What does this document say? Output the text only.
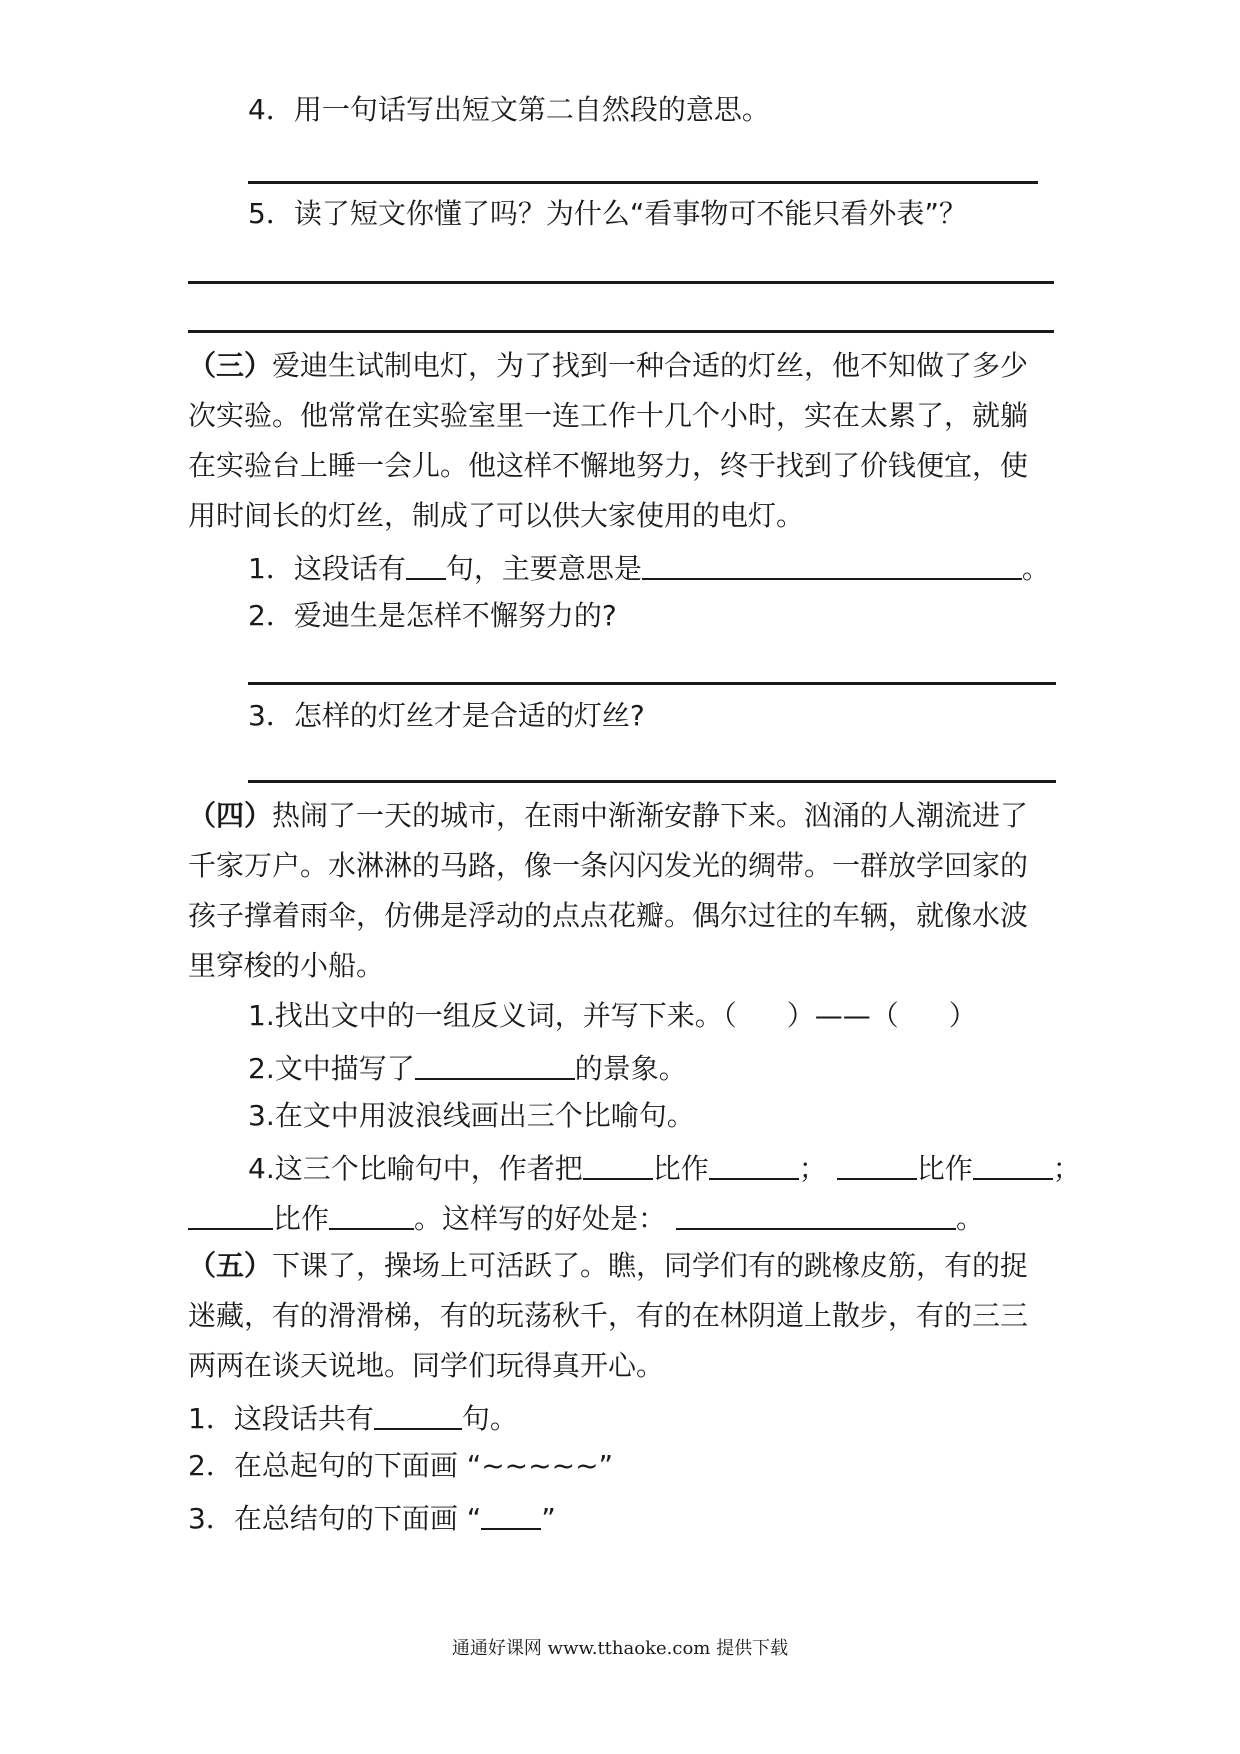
4．用一句话写出短文第二自然段的意思。
5．读了短文你懂了吗？为什么“看事物可不能只看外表”？
（三）爱迪生试制电灯，为了找到一种合适的灯丝，他不知做了多少
次实验。他常常在实验室里一连工作十几个小时，实在太累了，就躺
在实验台上睡一会儿。他这样不懈地努力，终于找到了价钱便宜，使
用时间长的灯丝，制成了可以供大家使用的电灯。
1．这段话有 句，主要意思是	。
2．爱迪生是怎样不懈努力的?
3．怎样的灯丝才是合适的灯丝?
（四）热闹了一天的城市，在雨中渐渐安静下来。汹涌的人潮流进了
千家万户。水淋淋的马路，像一条闪闪发光的绸带。一群放学回家的
孩子撑着雨伞，仿佛是浮动的点点花瓣。偶尔过往的车辆，就像水波
里穿梭的小船。
1.找出文中的一组反义词，并写下来。（ ）——（ ）
2.文中描写了	的景象。
3.在文中用波浪线画出三个比喻句。
4.这三个比喻句中，作者把	比作	；	比作	；
比作	。这样写的好处是：	。
（五）下课了，操场上可活跃了。瞧，同学们有的跳橡皮筋，有的捉
迷藏，有的滑滑梯，有的玩荡秋千，有的在林阴道上散步，有的三三
两两在谈天说地。同学们玩得真开心。
1．这段话共有	句。
2．在总起句的下面画 “~~~~~”
3．在总结句的下面画 “ ”
通通好课网 www.tthaoke.com 提供下载
